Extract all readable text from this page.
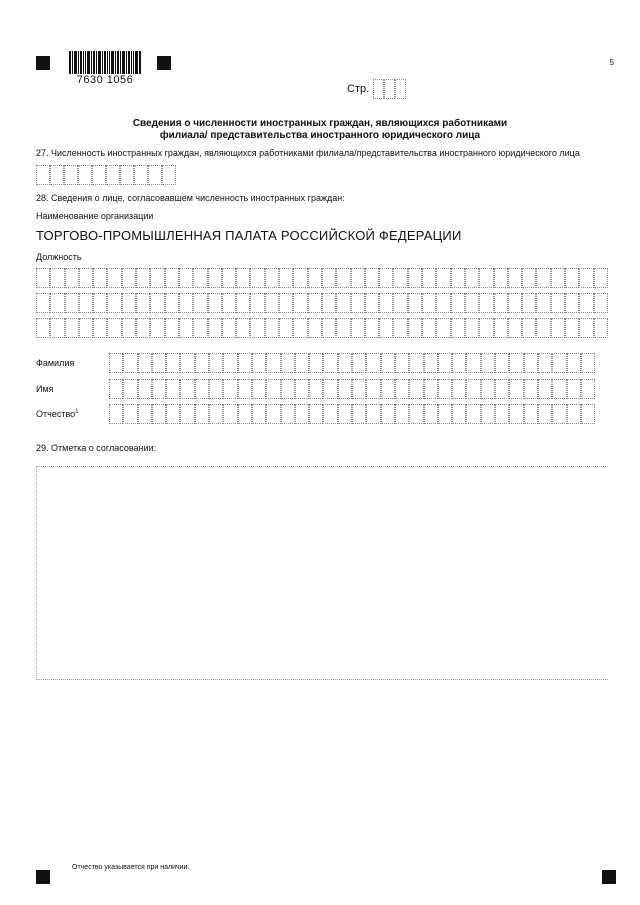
7630 1056
5
Стр.
Сведения о численности иностранных граждан, являющихся работниками
филиала/ представительства иностранного юридического лица
27. Численность иностранных граждан, являющихся работниками филиала/представительства иностранного юридического лица
28. Сведения о лице, согласовавшем численность иностранных граждан:
Наименование организации
ТОРГОВО-ПРОМЫШЛЕННАЯ ПАЛАТА РОССИЙСКОЙ ФЕДЕРАЦИИ
Должность
Фамилия
Имя
Отчество$^1$
29. Отметка о согласовании:
Отчество указывается при наличии.
